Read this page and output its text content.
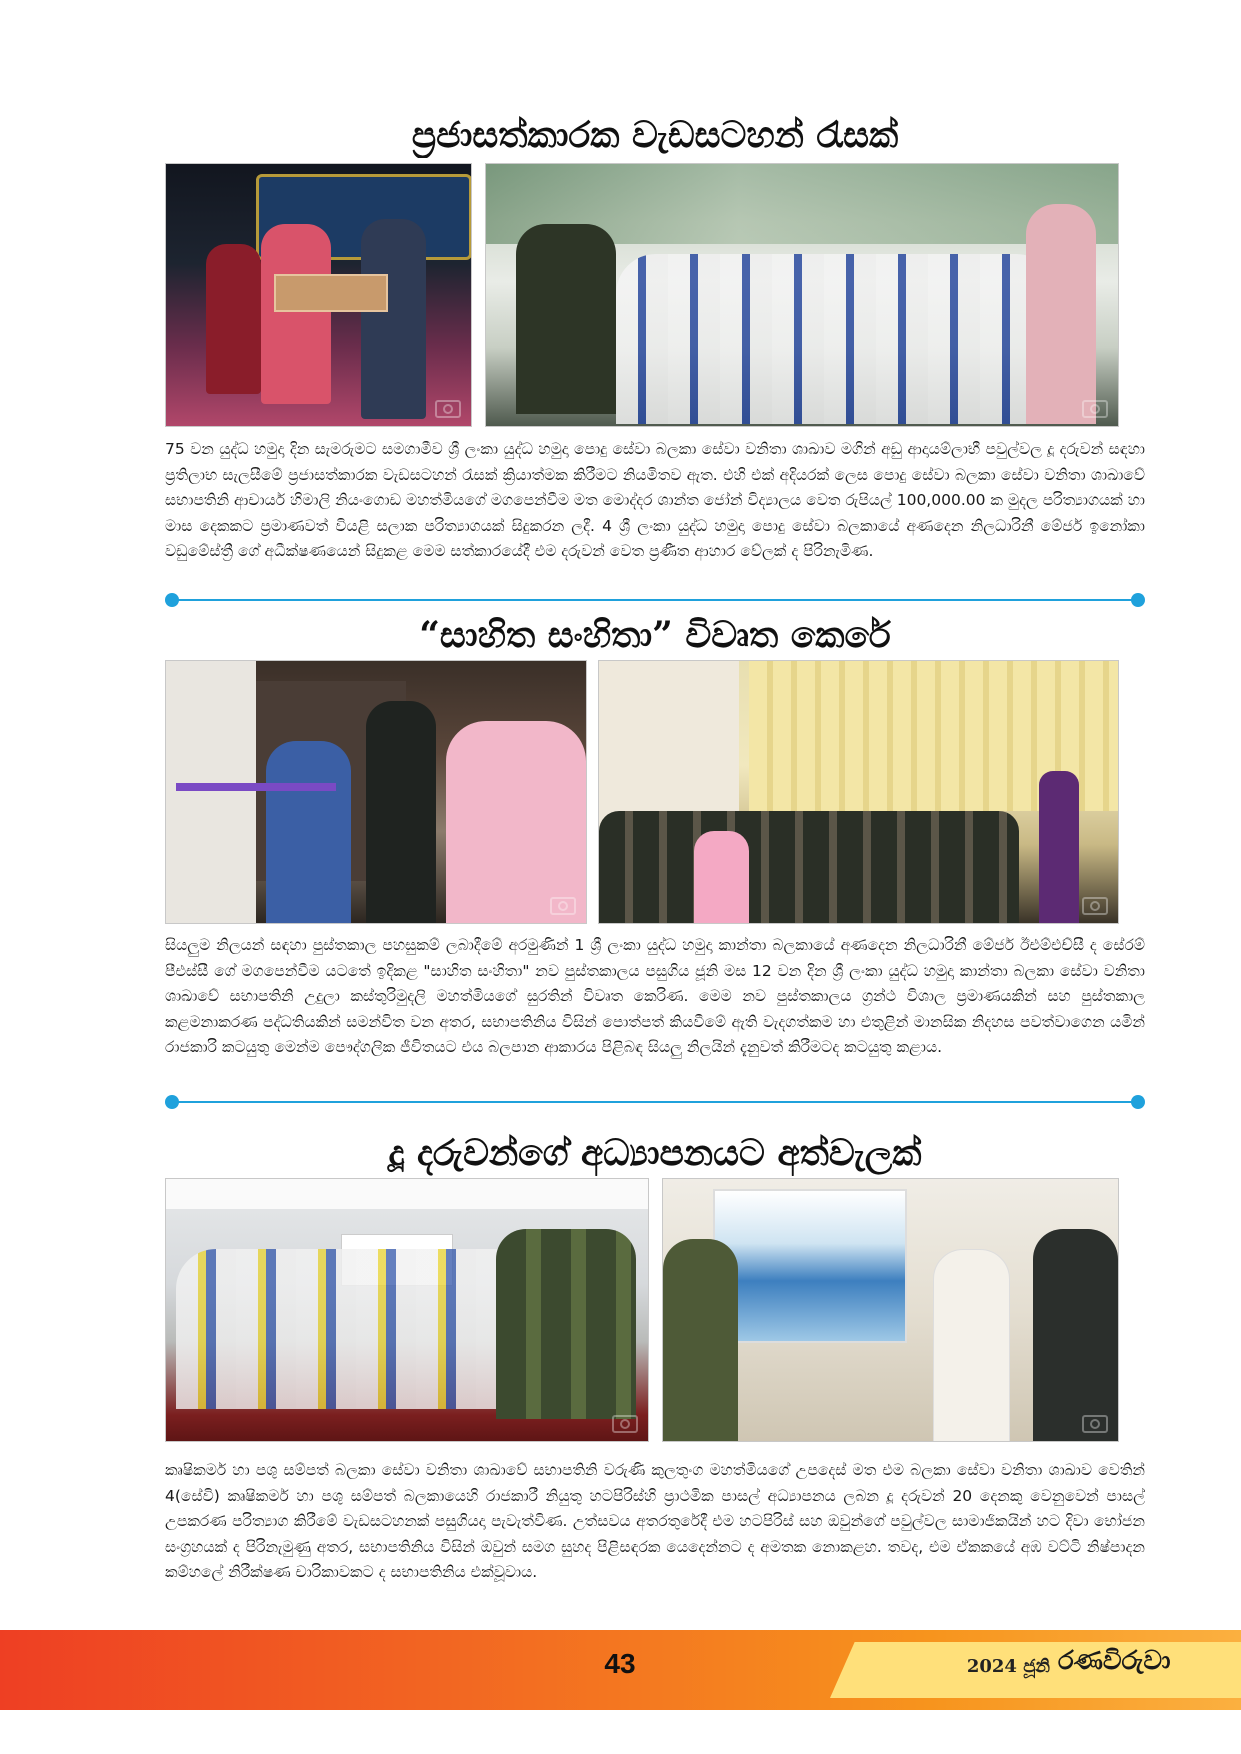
ප්‍රජාසත්කාරක වැඩසටහන් රැසක්

75 වන යුද්ධ හමුදා දින සැමරුමට සමගාමීව ශ්‍රී ලංකා යුද්ධ හමුදා පොදු සේවා බලකා සේවා වනිතා ශාඛාව මගින් අඩු ආදායම්ලාභී පවුල්වල දූ දරුවන් සඳහා ප්‍රතිලාභ සැලසීමේ ප්‍රජාසත්කාරක වැඩසටහන් රැසක් ක්‍රියාත්මක කිරීමට නියමිතව ඇත. එහි එක් අදියරක් ලෙස පොදු සේවා බලකා සේවා වනිතා ශාඛාවේ සභාපතිනි ආචාර්ය හිමාලි නියංගොඩ මහත්මියගේ මගපෙන්වීම මත මොද්දර ශාන්ත ජෝන් විද්‍යාලය වෙත රුපියල් 100,000.00 ක මුදල පරිත්‍යාගයක් හා මාස දෙකකට ප්‍රමාණවත් වියළි සලාක පරිත්‍යාගයක් සිදුකරන ලදී. 4 ශ්‍රී ලංකා යුද්ධ හමුදා පොදු සේවා බලකායේ අණදෙන නිලධාරිනී මේජර් ඉනෝකා වඩුමේස්ත්‍රී ගේ අධීක්ෂණයෙන් සිදුකළ මෙම සත්කාරයේදී එම දරුවන් වෙත ප්‍රණීත ආහාර වේලක් ද පිරිනැමිණ.

“සාහිත සංහිතා” විවෘත කෙරේ

සියලුම නිලයන් සඳහා පුස්තකාල පහසුකම් ලබාදීමේ අරමුණින් 1 ශ්‍රී ලංකා යුද්ධ හමුදා කාන්තා බලකායේ අණදෙන නිලධාරිනී මේජර් ඊඑම්එච්සී ද සේරම් පීඑස්සී ගේ මගපෙන්වීම යටතේ ඉදිකළ "සාහිත සංහිතා" නව පුස්තකාලය පසුගිය ජූනි මස 12 වන දින ශ්‍රී ලංකා යුද්ධ හමුදා කාන්තා බලකා සේවා වනිතා ශාඛාවේ සභාපතිනි උදුලා කස්තුරිමුදලි මහත්මියගේ සුරතින් විවෘත කෙරිණ. මෙම නව පුස්තකාලය ග්‍රන්ථ විශාල ප්‍රමාණයකින් සහ පුස්තකාල කළමනාකරණ පද්ධතියකින් සමන්විත වන අතර, සභාපතිනිය විසින් පොත්පත් කියවීමේ ඇති වැදගත්කම හා එතුළින් මානසික නිදහස පවත්වාගෙන යමින් රාජකාරි කටයුතු මෙන්ම පෞද්ගලික ජීවිතයට එය බලපාන ආකාරය පිළිබඳ සියලු නිලයින් දැනුවත් කිරීමටද කටයුතු කළාය.

දූ දරුවන්ගේ අධ්‍යාපනයට අත්වැලක්

කෘෂිකර්ම හා පශු සම්පත් බලකා සේවා වනිතා ශාඛාවේ සභාපතිනි වරුණි කුලතුංග මහත්මියගේ උපදෙස් මත එම බලකා සේවා වනිතා ශාඛාව වෙතින් 4(සේවි) කෘෂිකර්ම හා පශු සම්පත් බලකායෙහි රාජකාරී නියුතු හටපිරිස්හි ප්‍රාථමික පාසල් අධ්‍යාපනය ලබන දූ දරුවන් 20 දෙනකු වෙනුවෙන් පාසල් උපකරණ පරිත්‍යාග කිරීමේ වැඩසටහනක් පසුගියදා පැවැත්විණ. උත්සවය අතරතුරේදී එම හටපිරිස් සහ ඔවුන්ගේ පවුල්වල සාමාජිකයින් හට දිවා භෝජන සංග්‍රහයක් ද පිරිනැමුණු අතර, සභාපතිනිය විසින් ඔවුන් සමග සුහද පිළිසඳරක යෙදෙන්නට ද අමතක නොකළහ. තවද, එම ඒකකයේ අඹ වට්ටි නිෂ්පාදන කම්හලේ නිරීක්ෂණ චාරිකාවකට ද සභාපතිනිය එක්වූවාය.

43	2024 ජූනි රණවිරුවා
